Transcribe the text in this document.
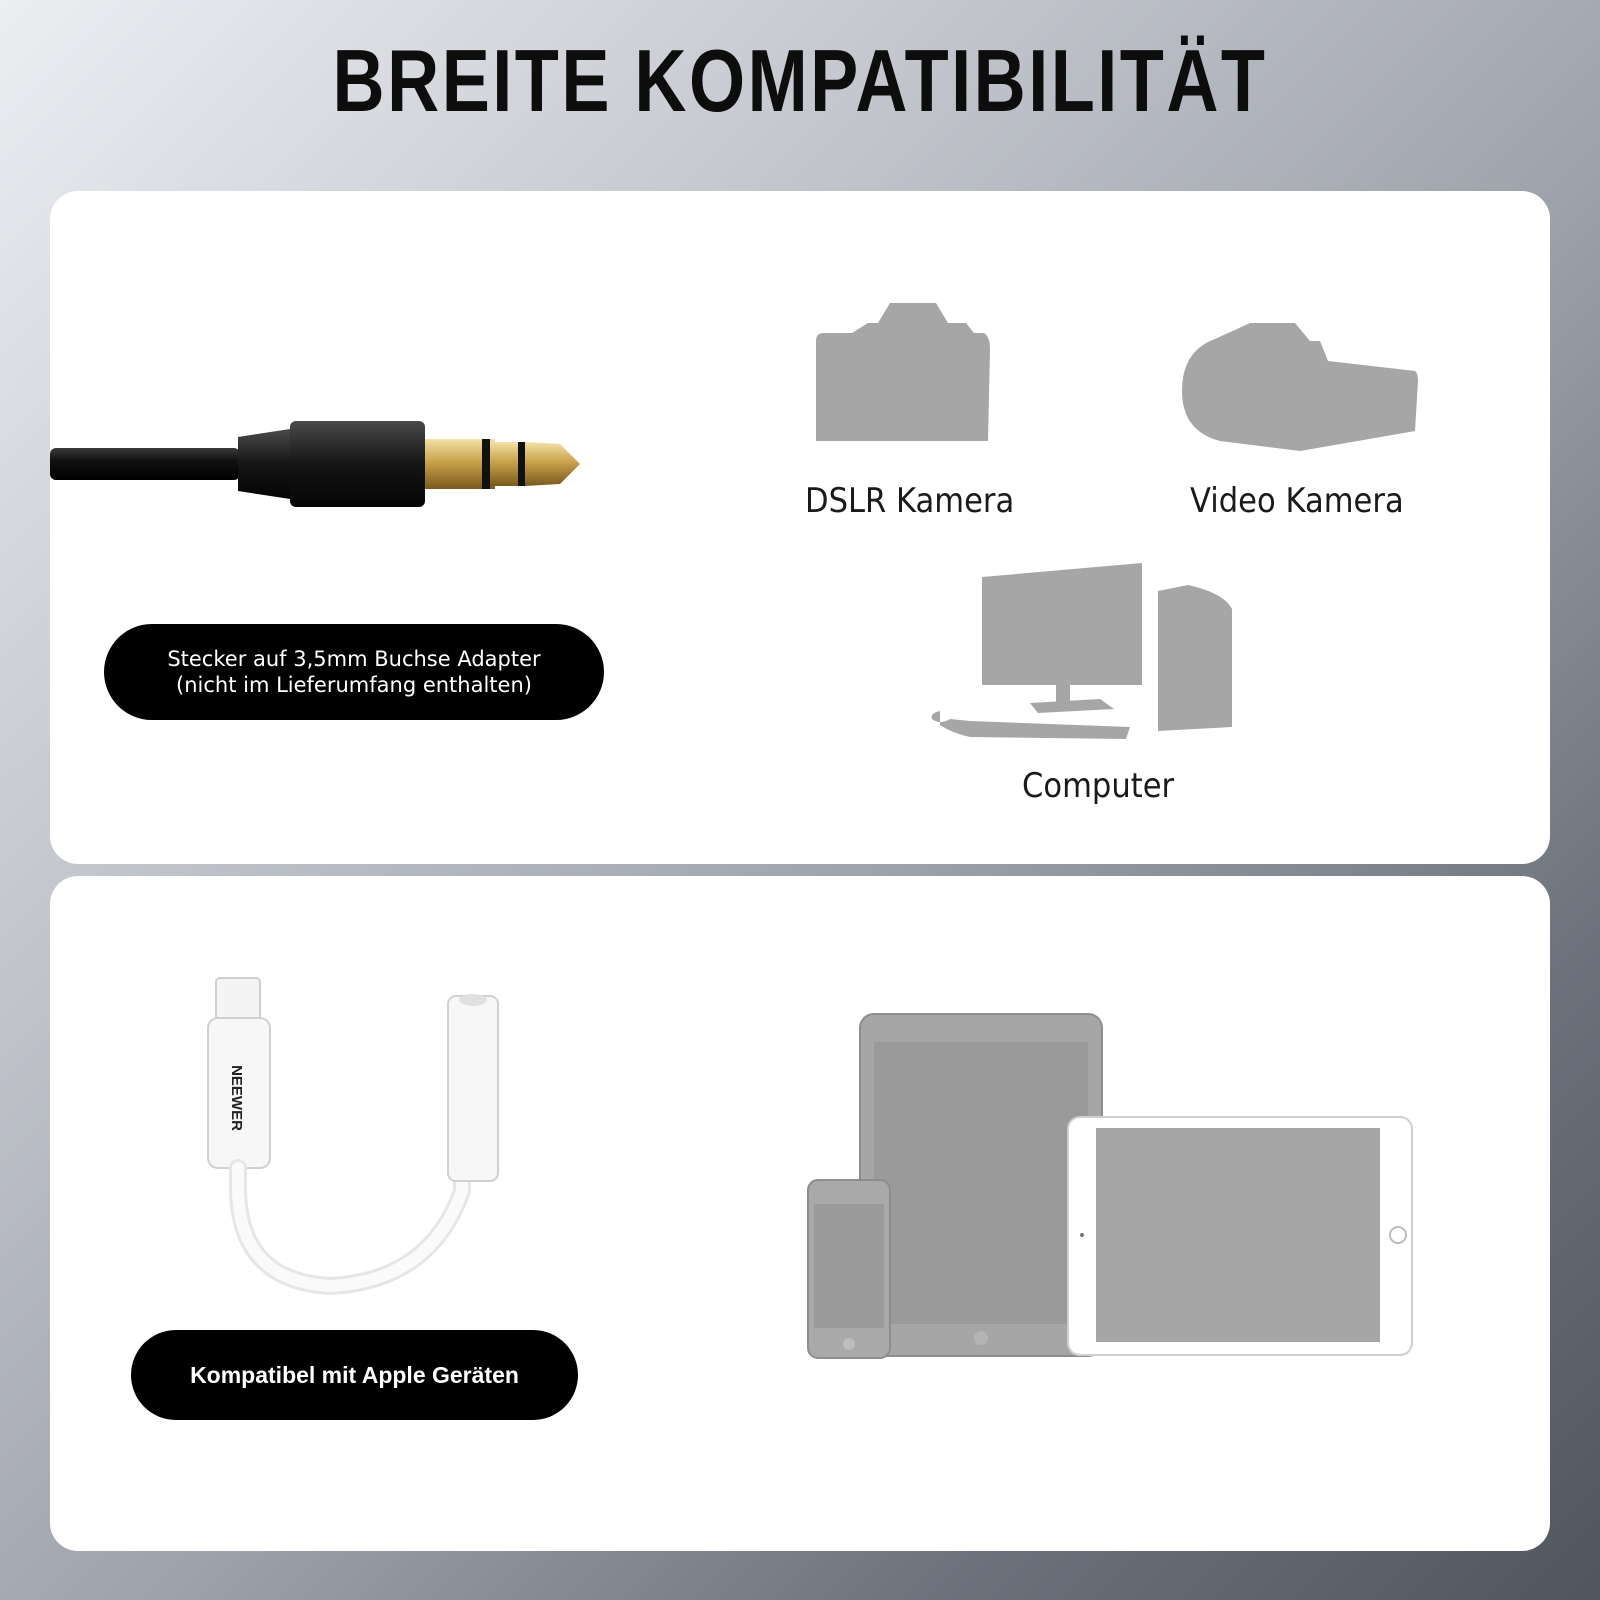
BREITE KOMPATIBILITÄT
Stecker auf 3,5mm Buchse Adapter
(nicht im Lieferumfang enthalten)
DSLR Kamera	Video Kamera
Computer
NEEWER
Kompatibel mit Apple Geräten
